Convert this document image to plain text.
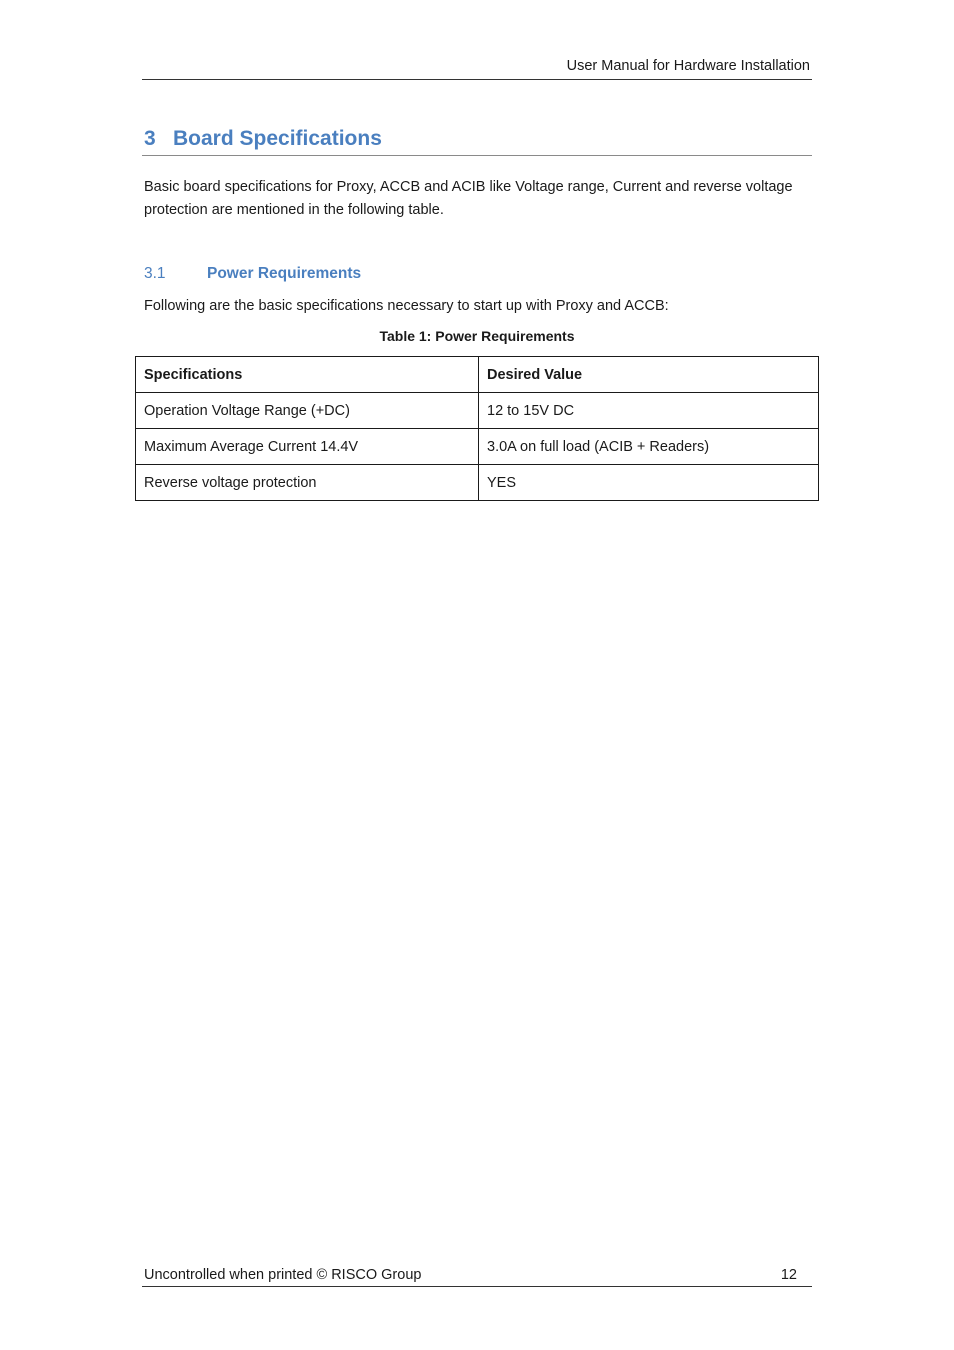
User Manual for Hardware Installation
3 Board Specifications

Basic board specifications for Proxy, ACCB and ACIB like Voltage range, Current and reverse voltage protection are mentioned in the following table.

3.1	Power Requirements

Following are the basic specifications necessary to start up with Proxy and ACCB:

Table 1: Power Requirements
Specifications	Desired Value
Operation Voltage Range (+DC)	12 to 15V DC
Maximum Average Current 14.4V	3.0A on full load (ACIB + Readers)
Reverse voltage protection	YES
Uncontrolled when printed © RISCO Group	12
